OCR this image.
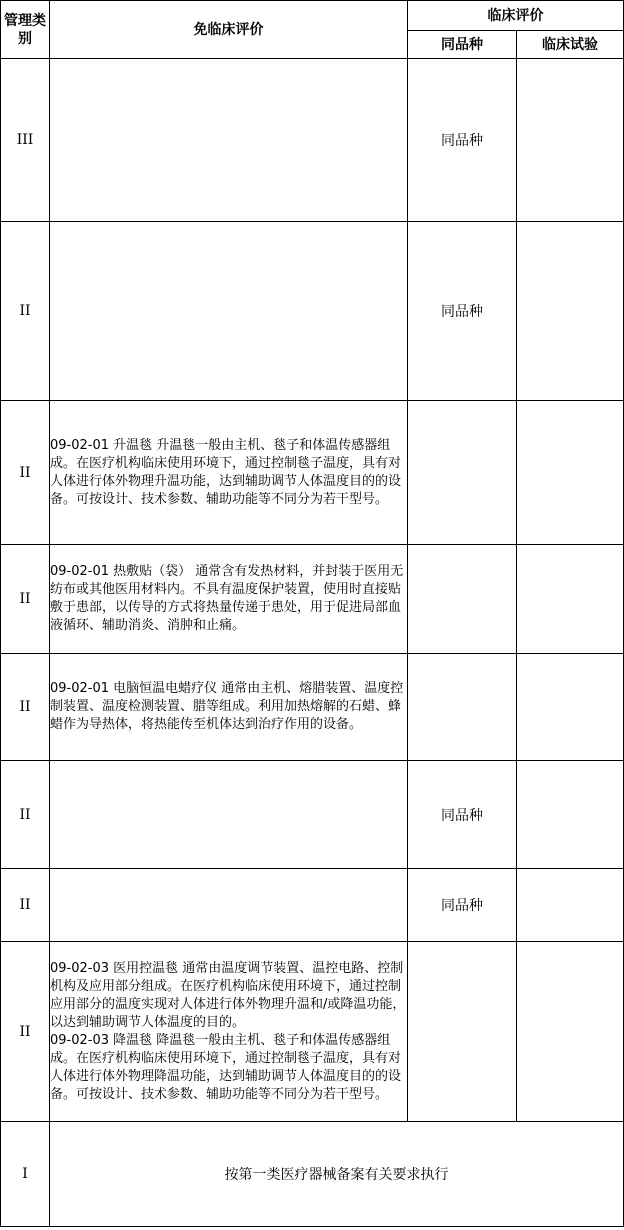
管理类别	免临床评价	临床评价	
		同品种	临床试验
III		同品种	
II		同品种	
II	09-02-01 升温毯 升温毯一般由主机、毯子和体温传感器组成。在医疗机构临床使用环境下，通过控制毯子温度，具有对人体进行体外物理升温功能，达到辅助调节人体温度目的的设备。可按设计、技术参数、辅助功能等不同分为若干型号。		

II	09-02-01 热敷贴（袋） 通常含有发热材料，并封装于医用无纺布或其他医用材料内。不具有温度保护装置，使用时直接贴敷于患部，以传导的方式将热量传递于患处，用于促进局部血液循环、辅助消炎、消肿和止痛。		

II	09-02-01 电脑恒温电蜡疗仪 通常由主机、熔腊装置、温度控制装置、温度检测装置、腊等组成。利用加热熔解的石蜡、蜂蜡作为导热体，将热能传至机体达到治疗作用的设备。		

II		同品种	
II		同品种	
II	09-02-03 医用控温毯 通常由温度调节装置、温控电路、控制机构及应用部分组成。在医疗机构临床使用环境下，通过控制应用部分的温度实现对人体进行体外物理升温和/或降温功能，以达到辅助调节人体温度的目的。
09-02-03 降温毯 降温毯一般由主机、毯子和体温传感器组成。在医疗机构临床使用环境下，通过控制毯子温度，具有对人体进行体外物理降温功能，达到辅助调节人体温度目的的设备。可按设计、技术参数、辅助功能等不同分为若干型号。		

I	按第一类医疗器械备案有关要求执行		
